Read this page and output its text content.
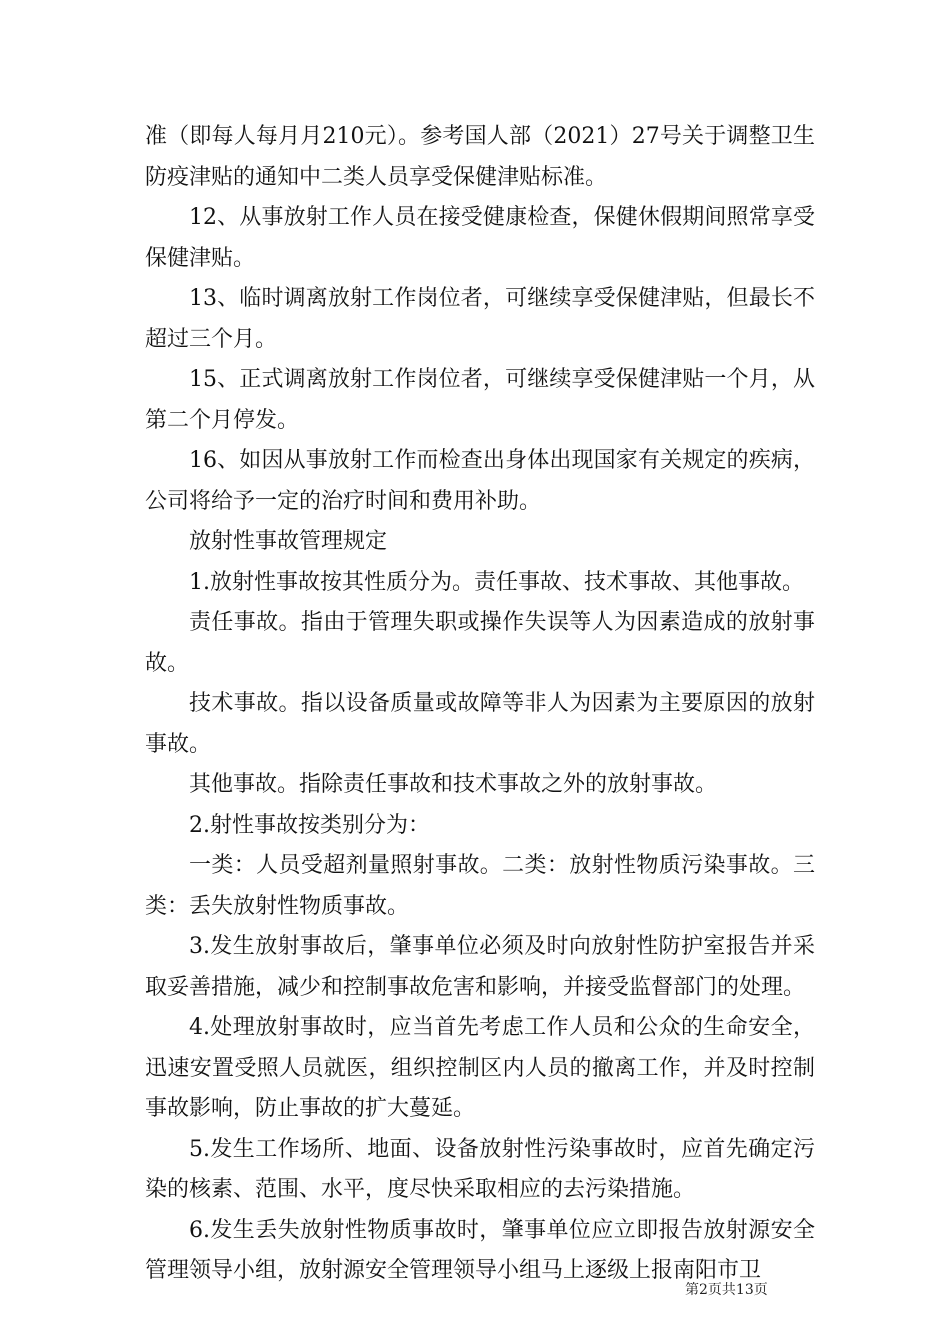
准（即每人每月月210元）。参考国人部（2021）27号关于调整卫生防疫津贴的通知中二类人员享受保健津贴标准。

12、从事放射工作人员在接受健康检查，保健休假期间照常享受保健津贴。

13、临时调离放射工作岗位者，可继续享受保健津贴，但最长不超过三个月。

15、正式调离放射工作岗位者，可继续享受保健津贴一个月，从第二个月停发。

16、如因从事放射工作而检查出身体出现国家有关规定的疾病，公司将给予一定的治疗时间和费用补助。

放射性事故管理规定

1.放射性事故按其性质分为。责任事故、技术事故、其他事故。

责任事故。指由于管理失职或操作失误等人为因素造成的放射事故。

技术事故。指以设备质量或故障等非人为因素为主要原因的放射事故。

其他事故。指除责任事故和技术事故之外的放射事故。

2.射性事故按类别分为：

一类：人员受超剂量照射事故。二类：放射性物质污染事故。三类：丢失放射性物质事故。

3.发生放射事故后，肇事单位必须及时向放射性防护室报告并采取妥善措施，减少和控制事故危害和影响，并接受监督部门的处理。

4.处理放射事故时，应当首先考虑工作人员和公众的生命安全，迅速安置受照人员就医，组织控制区内人员的撤离工作，并及时控制事故影响，防止事故的扩大蔓延。

5.发生工作场所、地面、设备放射性污染事故时，应首先确定污染的核素、范围、水平，度尽快采取相应的去污染措施。

6.发生丢失放射性物质事故时，肇事单位应立即报告放射源安全管理领导小组，放射源安全管理领导小组马上逐级上报南阳市卫

第2页共13页
